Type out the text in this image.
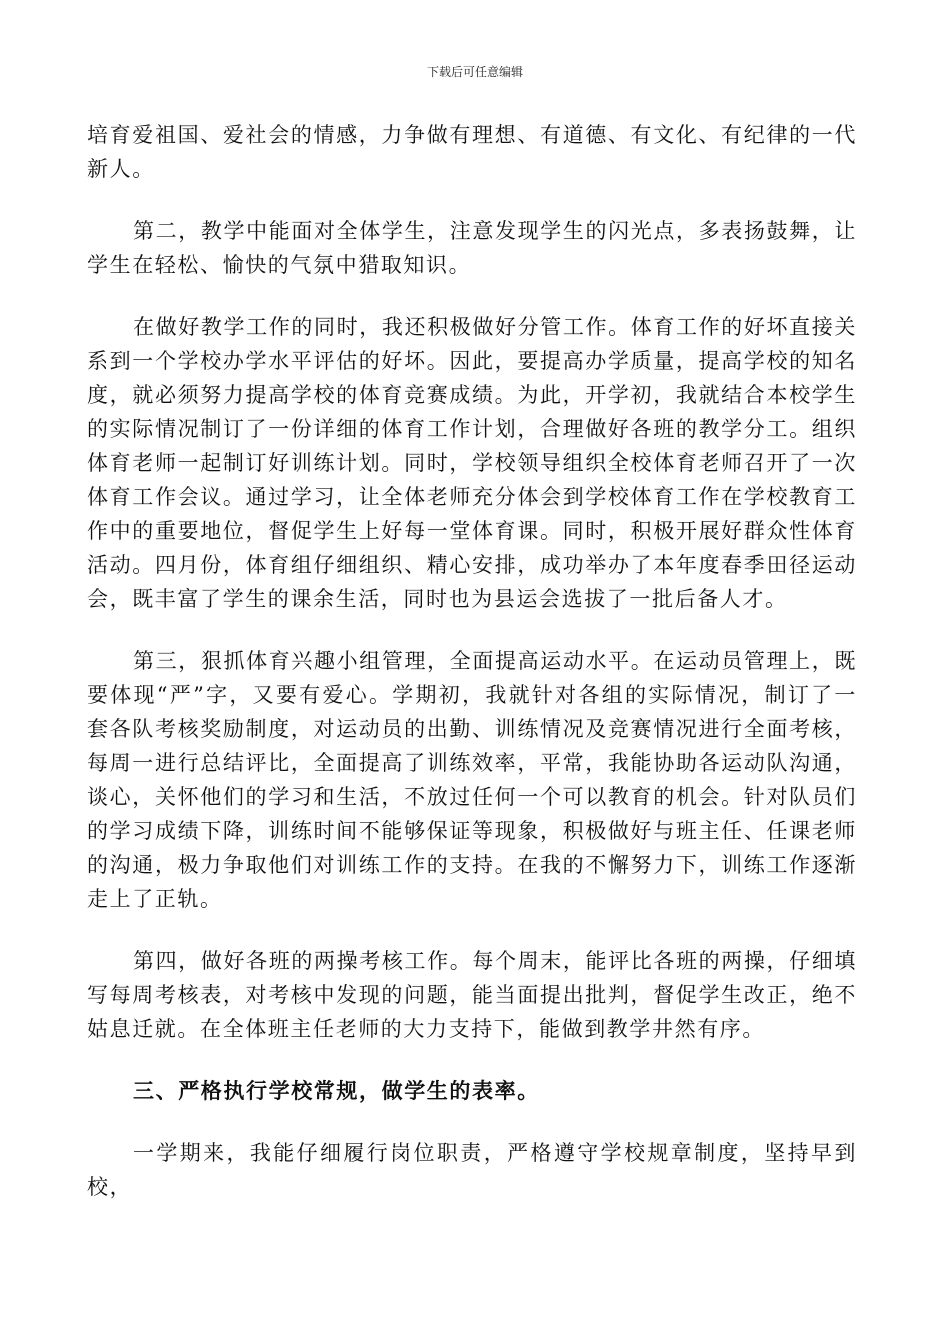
下载后可任意编辑

培育爱祖国、爱社会的情感，力争做有理想、有道德、有文化、有纪律的一代新人。

第二，教学中能面对全体学生，注意发现学生的闪光点，多表扬鼓舞，让学生在轻松、愉快的气氛中猎取知识。

在做好教学工作的同时，我还积极做好分管工作。体育工作的好坏直接关系到一个学校办学水平评估的好坏。因此，要提高办学质量，提高学校的知名度，就必须努力提高学校的体育竞赛成绩。为此，开学初，我就结合本校学生的实际情况制订了一份详细的体育工作计划，合理做好各班的教学分工。组织体育老师一起制订好训练计划。同时，学校领导组织全校体育老师召开了一次体育工作会议。通过学习，让全体老师充分体会到学校体育工作在学校教育工作中的重要地位，督促学生上好每一堂体育课。同时，积极开展好群众性体育活动。四月份，体育组仔细组织、精心安排，成功举办了本年度春季田径运动会，既丰富了学生的课余生活，同时也为县运会选拔了一批后备人才。

第三，狠抓体育兴趣小组管理，全面提高运动水平。在运动员管理上，既要体现“严”字，又要有爱心。学期初，我就针对各组的实际情况，制订了一套各队考核奖励制度，对运动员的出勤、训练情况及竞赛情况进行全面考核，每周一进行总结评比，全面提高了训练效率，平常，我能协助各运动队沟通，谈心，关怀他们的学习和生活，不放过任何一个可以教育的机会。针对队员们的学习成绩下降，训练时间不能够保证等现象，积极做好与班主任、任课老师的沟通，极力争取他们对训练工作的支持。在我的不懈努力下，训练工作逐渐走上了正轨。

第四，做好各班的两操考核工作。每个周末，能评比各班的两操，仔细填写每周考核表，对考核中发现的问题，能当面提出批判，督促学生改正，绝不姑息迁就。在全体班主任老师的大力支持下，能做到教学井然有序。

三、严格执行学校常规，做学生的表率。

一学期来，我能仔细履行岗位职责，严格遵守学校规章制度，坚持早到校，
